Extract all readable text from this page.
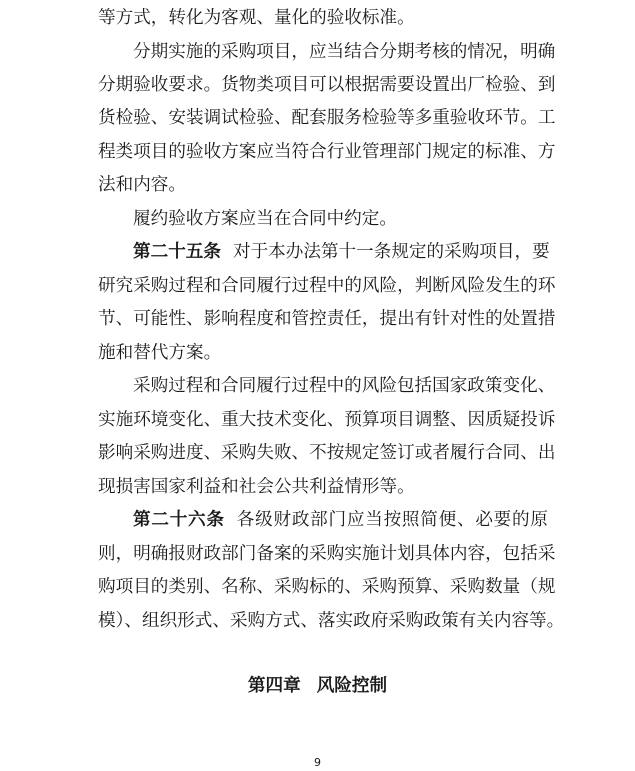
等方式，转化为客观、量化的验收标准。
分期实施的采购项目，应当结合分期考核的情况，明确
分期验收要求。货物类项目可以根据需要设置出厂检验、到
货检验、安装调试检验、配套服务检验等多重验收环节。工
程类项目的验收方案应当符合行业管理部门规定的标准、方
法和内容。
履约验收方案应当在合同中约定。
第二十五条 对于本办法第十一条规定的采购项目，要
研究采购过程和合同履行过程中的风险，判断风险发生的环
节、可能性、影响程度和管控责任，提出有针对性的处置措
施和替代方案。
采购过程和合同履行过程中的风险包括国家政策变化、
实施环境变化、重大技术变化、预算项目调整、因质疑投诉
影响采购进度、采购失败、不按规定签订或者履行合同、出
现损害国家利益和社会公共利益情形等。
第二十六条 各级财政部门应当按照简便、必要的原
则，明确报财政部门备案的采购实施计划具体内容，包括采
购项目的类别、名称、采购标的、采购预算、采购数量（规
模）、组织形式、采购方式、落实政府采购政策有关内容等。
第四章 风险控制
9
